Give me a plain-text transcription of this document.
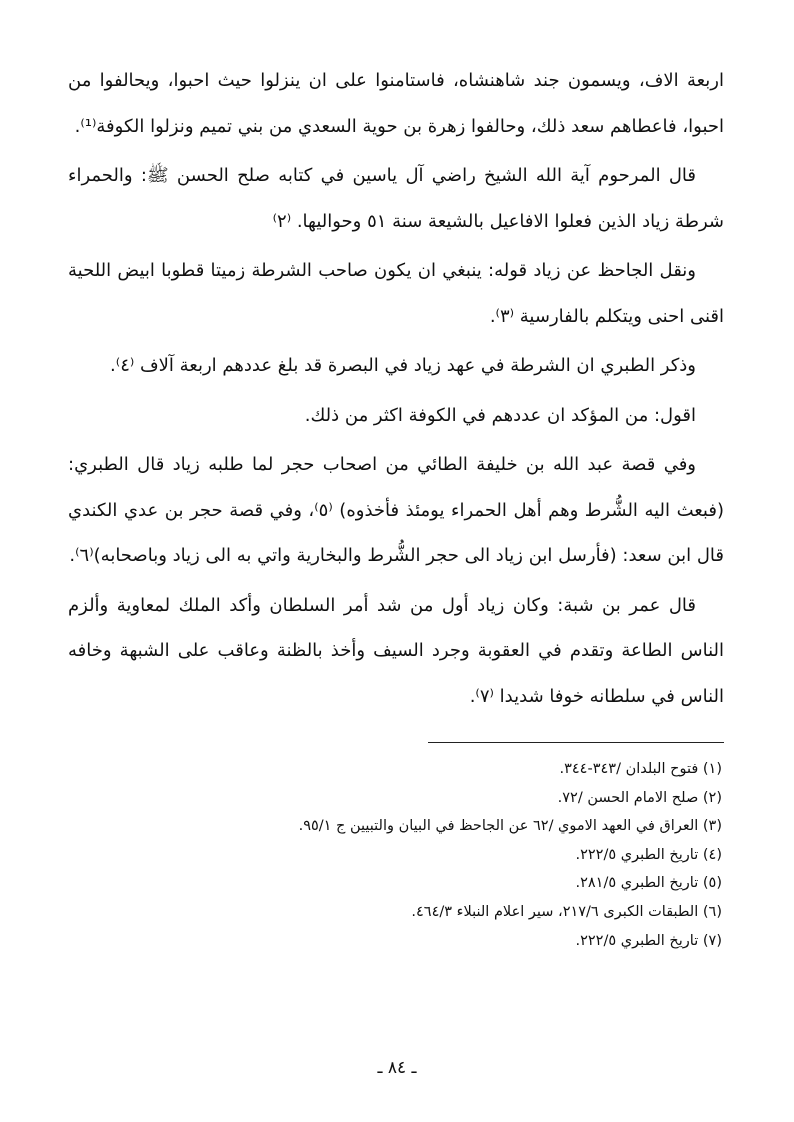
اربعة الاف، ويسمون جند شاهنشاه، فاستامنوا على ان ينزلوا حيث احبوا، ويحالفوا من احبوا، فاعطاهم سعد ذلك، وحالفوا زهرة بن حوية السعدي من بني تميم ونزلوا الكوفة⁽¹⁾.

قال المرحوم آية الله الشيخ راضي آل ياسين في كتابه صلح الحسن ﷺ: والحمراء شرطة زياد الذين فعلوا الافاعيل بالشيعة سنة ٥١ وحواليها. ⁽٢⁾

ونقل الجاحظ عن زياد قوله: ينبغي ان يكون صاحب الشرطة زميتا قطوبا ابيض اللحية اقنى احنى ويتكلم بالفارسية ⁽٣⁾.

وذكر الطبري ان الشرطة في عهد زياد في البصرة قد بلغ عددهم اربعة آلاف ⁽٤⁾.

اقول: من المؤكد ان عددهم في الكوفة اكثر من ذلك.

وفي قصة عبد الله بن خليفة الطائي من اصحاب حجر لما طلبه زياد قال الطبري: (فبعث اليه الشُّرط وهم أهل الحمراء يومئذ فأخذوه) ⁽٥⁾، وفي قصة حجر بن عدي الكندي قال ابن سعد: (فأرسل ابن زياد الى حجر الشُّرط والبخارية واتي به الى زياد وباصحابه)⁽٦⁾.

قال عمر بن شبة: وكان زياد أول من شد أمر السلطان وأكد الملك لمعاوية وألزم الناس الطاعة وتقدم في العقوبة وجرد السيف وأخذ بالظنة وعاقب على الشبهة وخافه الناس في سلطانه خوفا شديدا ⁽٧⁾.

(١) فتوح البلدان /٣٤٣-٣٤٤.
(٢) صلح الامام الحسن /٧٢.
(٣) العراق في العهد الاموي /٦٢ عن الجاحظ في البيان والتبيين ج ٩٥/١.
(٤) تاريخ الطبري ٢٢٢/٥.
(٥) تاريخ الطبري ٢٨١/٥.
(٦) الطبقات الكبرى ٢١٧/٦، سير اعلام النبلاء ٤٦٤/٣.
(٧) تاريخ الطبري ٢٢٢/٥.
ـ ٨٤ ـ
